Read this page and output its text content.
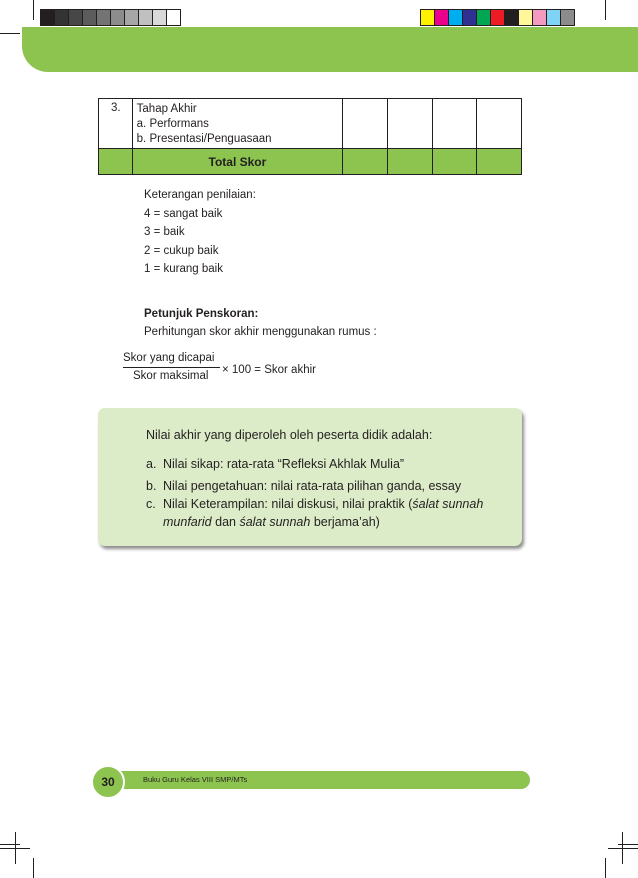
3.	Tahap Akhir
a. Performans
b. Presentasi/Penguasaan				

	Total Skor				
Keterangan penilaian:
4 = sangat baik
3 = baik
2 = cukup baik
1 = kurang baik
Petunjuk Penskoran:
Perhitungan skor akhir menggunakan rumus :
Skor yang dicapai
Skor maksimal × 100 = Skor akhir
Nilai akhir yang diperoleh oleh peserta didik adalah:
a. Nilai sikap: rata-rata “Refleksi Akhlak Mulia”
b. Nilai pengetahuan: nilai rata-rata pilihan ganda, essay
c. Nilai Keterampilan: nilai diskusi, nilai praktik (śalat sunnah
munfarid dan śalat sunnah berjama’ah)
30	Buku Guru Kelas VIII SMP/MTs
